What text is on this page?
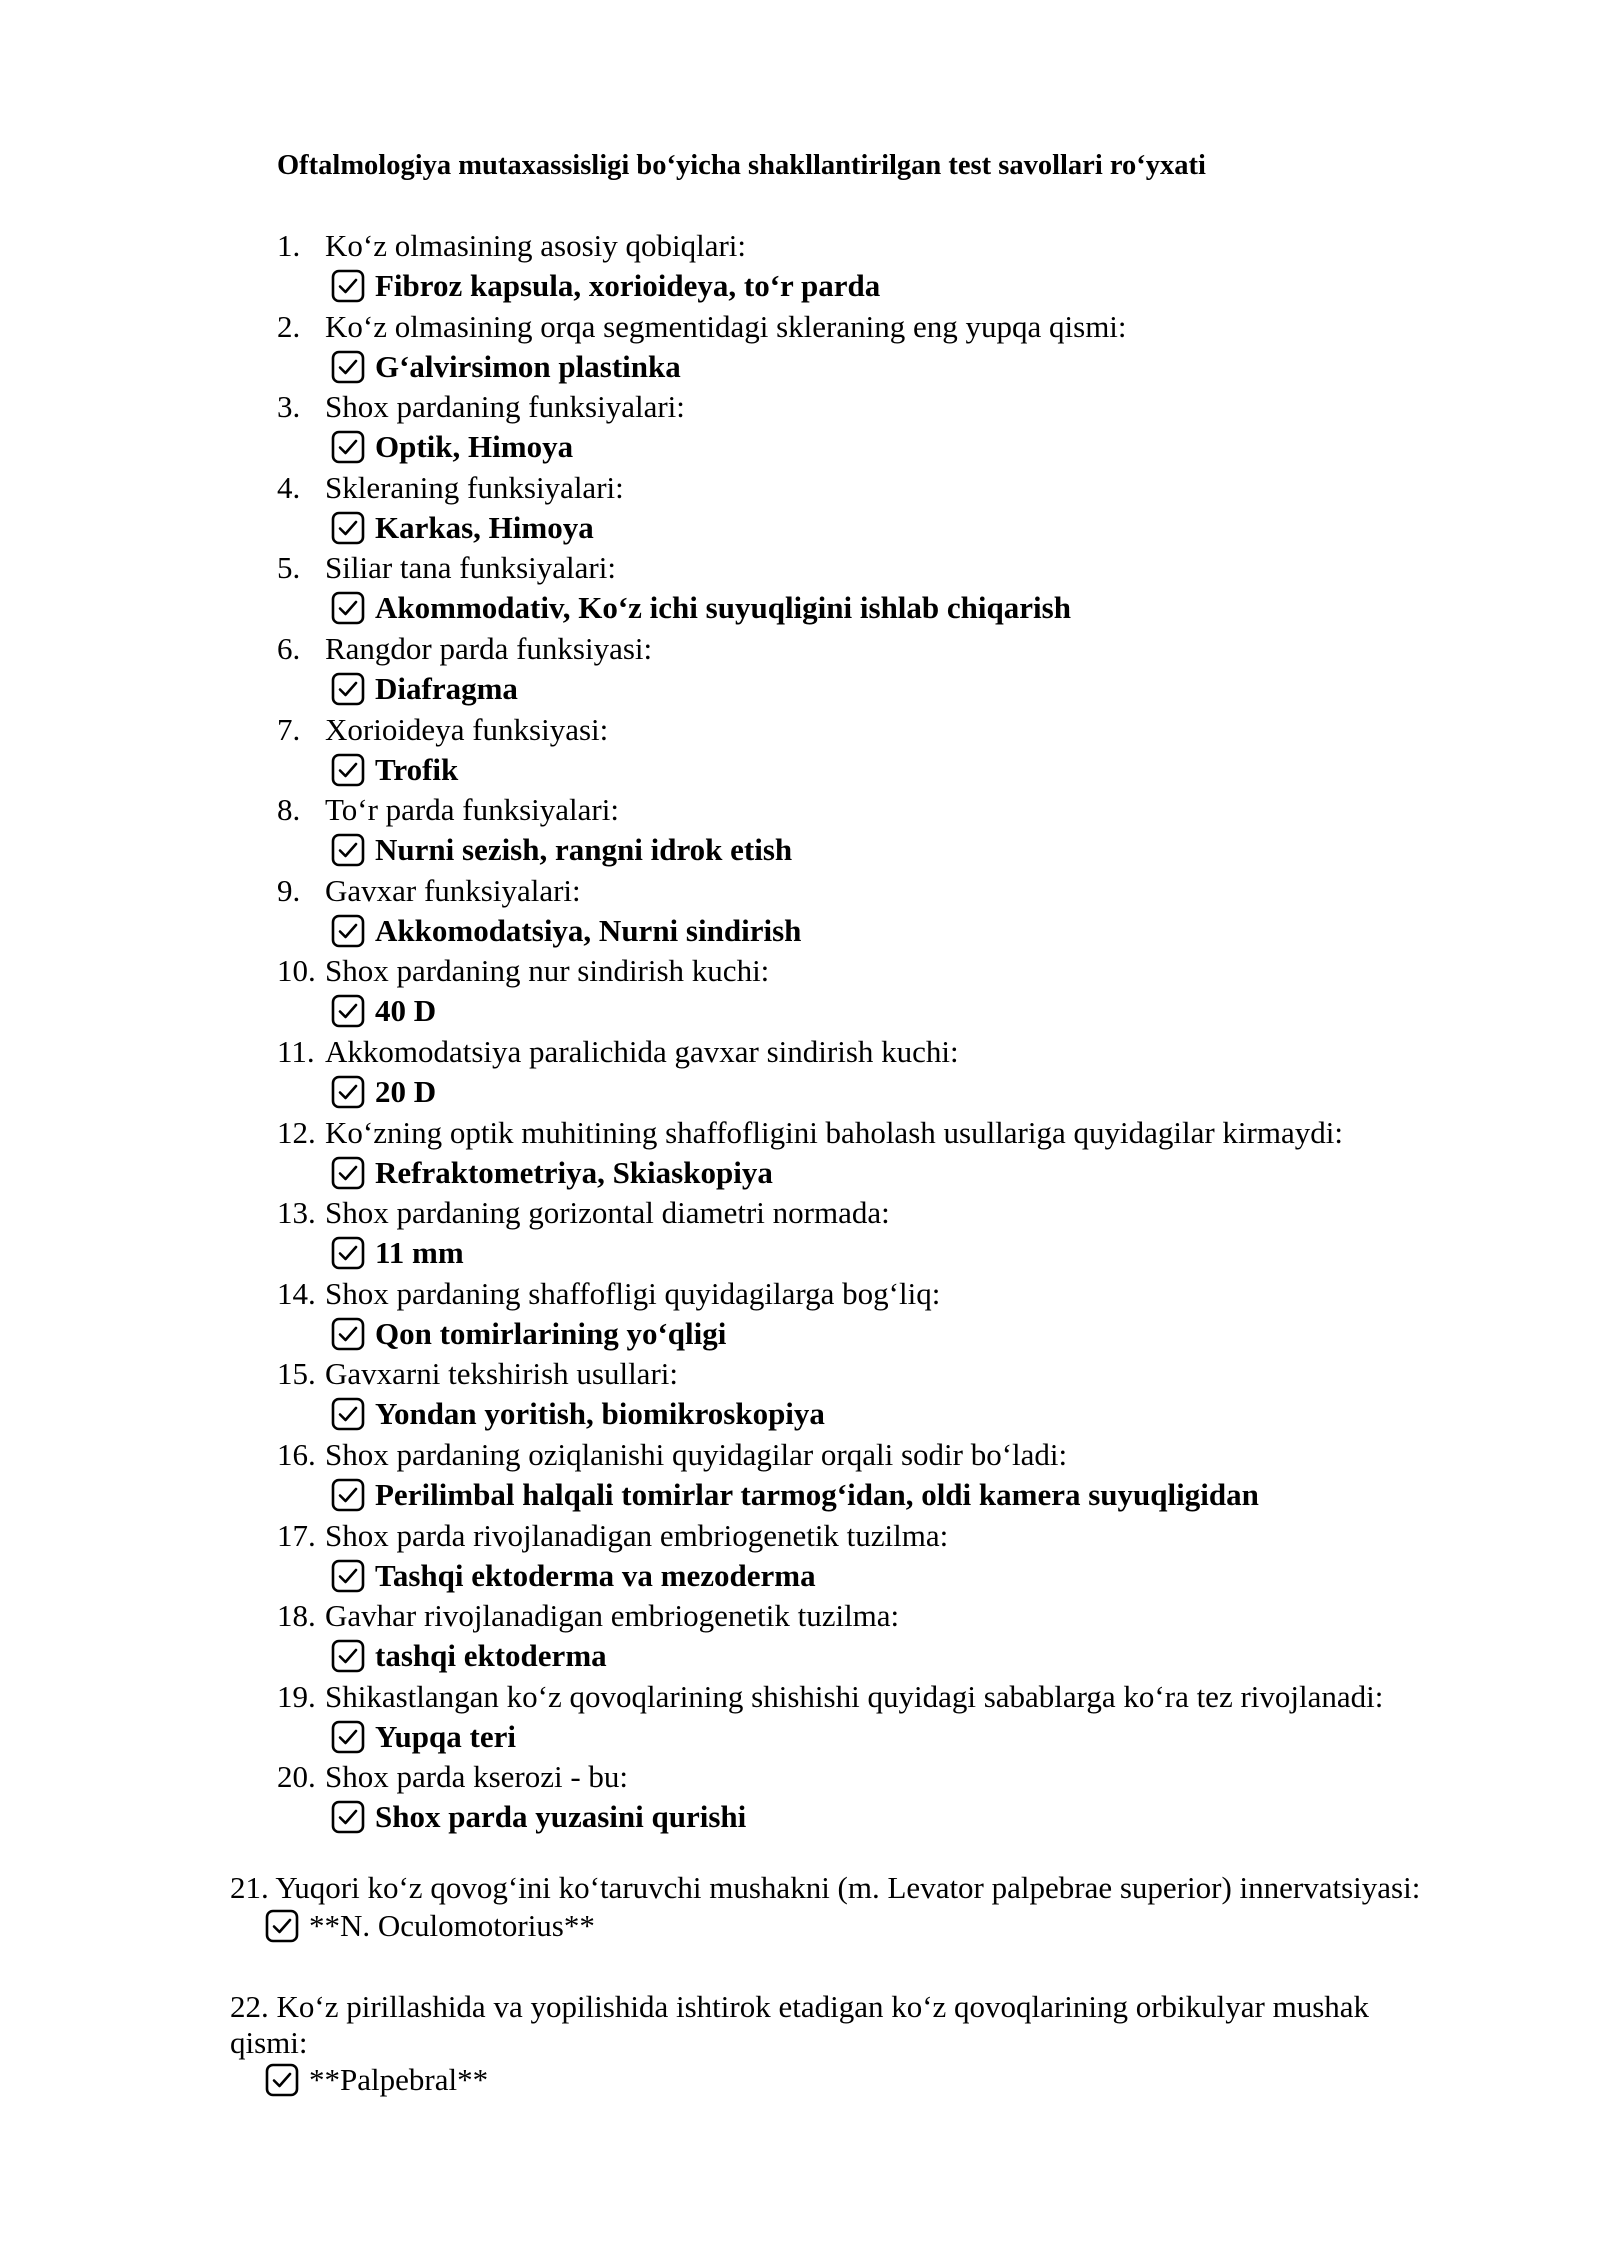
Oftalmologiya mutaxassisligi bo‘yicha shakllantirilgan test savollari ro‘yxati
1. Ko‘z olmasining asosiy qobiqlari:
Fibroz kapsula, xorioideya, to‘r parda
2. Ko‘z olmasining orqa segmentidagi skleraning eng yupqa qismi:
G‘alvirsimon plastinka
3. Shox pardaning funksiyalari:
Optik, Himoya
4. Skleraning funksiyalari:
Karkas, Himoya
5. Siliar tana funksiyalari:
Akommodativ, Ko‘z ichi suyuqligini ishlab chiqarish
6. Rangdor parda funksiyasi:
Diafragma
7. Xorioideya funksiyasi:
Trofik
8. To‘r parda funksiyalari:
Nurni sezish, rangni idrok etish
9. Gavxar funksiyalari:
Akkomodatsiya, Nurni sindirish
10. Shox pardaning nur sindirish kuchi:
40 D
11. Akkomodatsiya paralichida gavxar sindirish kuchi:
20 D
12. Ko‘zning optik muhitining shaffofligini baholash usullariga quyidagilar kirmaydi:
Refraktometriya, Skiaskopiya
13. Shox pardaning gorizontal diametri normada:
11 mm
14. Shox pardaning shaffofligi quyidagilarga bog‘liq:
Qon tomirlarining yo‘qligi
15. Gavxarni tekshirish usullari:
Yondan yoritish, biomikroskopiya
16. Shox pardaning oziqlanishi quyidagilar orqali sodir bo‘ladi:
Perilimbal halqali tomirlar tarmog‘idan, oldi kamera suyuqligidan
17. Shox parda rivojlanadigan embriogenetik tuzilma:
Tashqi ektoderma va mezoderma
18. Gavhar rivojlanadigan embriogenetik tuzilma:
tashqi ektoderma
19. Shikastlangan ko‘z qovoqlarining shishishi quyidagi sabablarga ko‘ra tez rivojlanadi:
Yupqa teri
20. Shox parda kserozi - bu:
Shox parda yuzasini qurishi
21. Yuqori ko‘z qovog‘ini ko‘taruvchi mushakni (m. Levator palpebrae superior) innervatsiyasi:
**N. Oculomotorius**
22. Ko‘z pirillashida va yopilishida ishtirok etadigan ko‘z qovoqlarining orbikulyar mushak
qismi:
**Palpebral**
